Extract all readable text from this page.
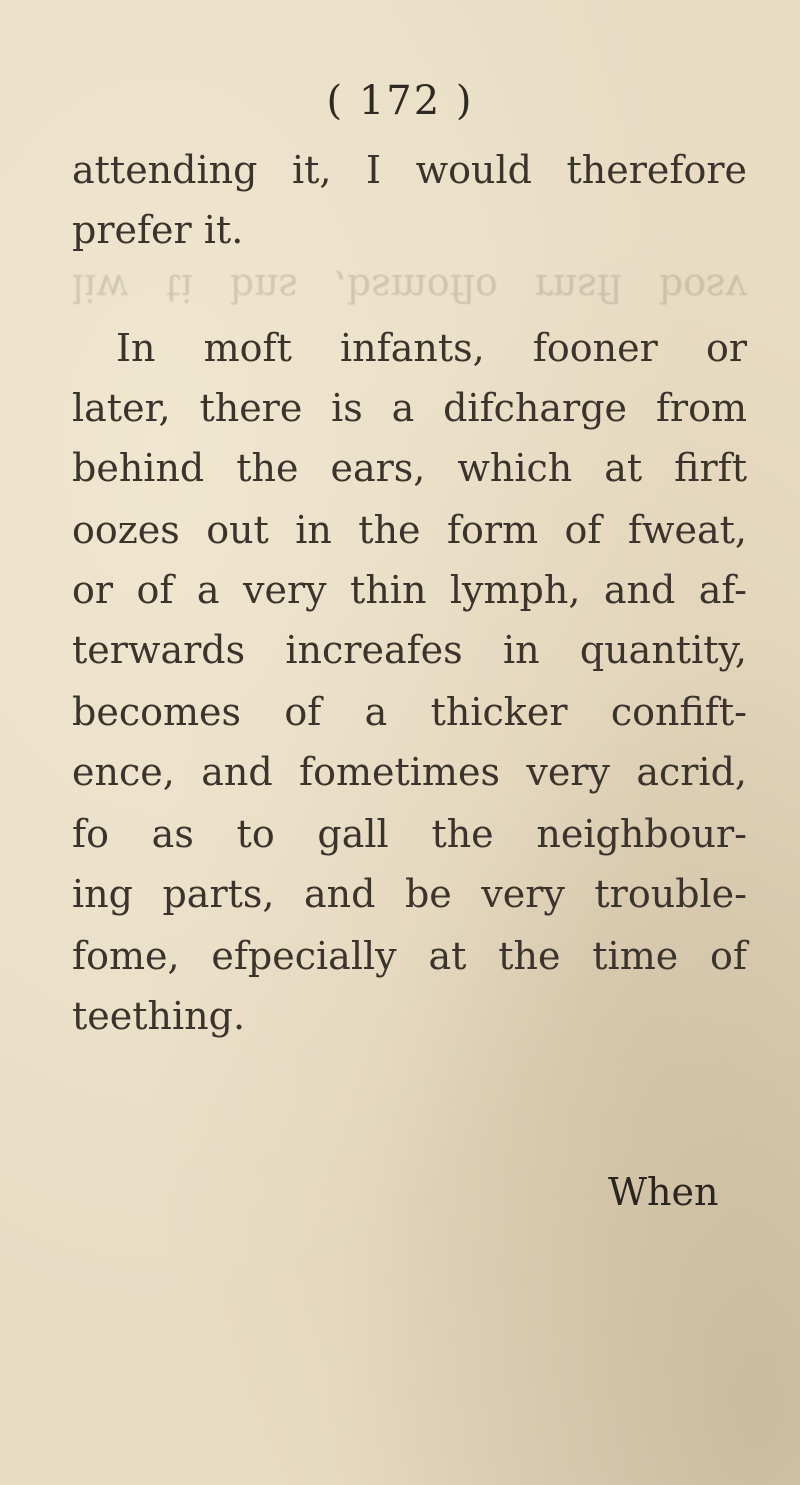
( 172 )
attending it, I would therefore
prefer it.
liw ti bns ,bsmoflo rnsfl bosv
In moft infants, fooner or
later, there is a difcharge from
behind the ears, which at firft
oozes out in the form of fweat,
or of a very thin lymph, and af-
terwards increafes in quantity,
becomes of a thicker confift-
ence, and fometimes very acrid,
fo as to gall the neighbour-
ing parts, and be very trouble-
fome, efpecially at the time of
teething.
When
